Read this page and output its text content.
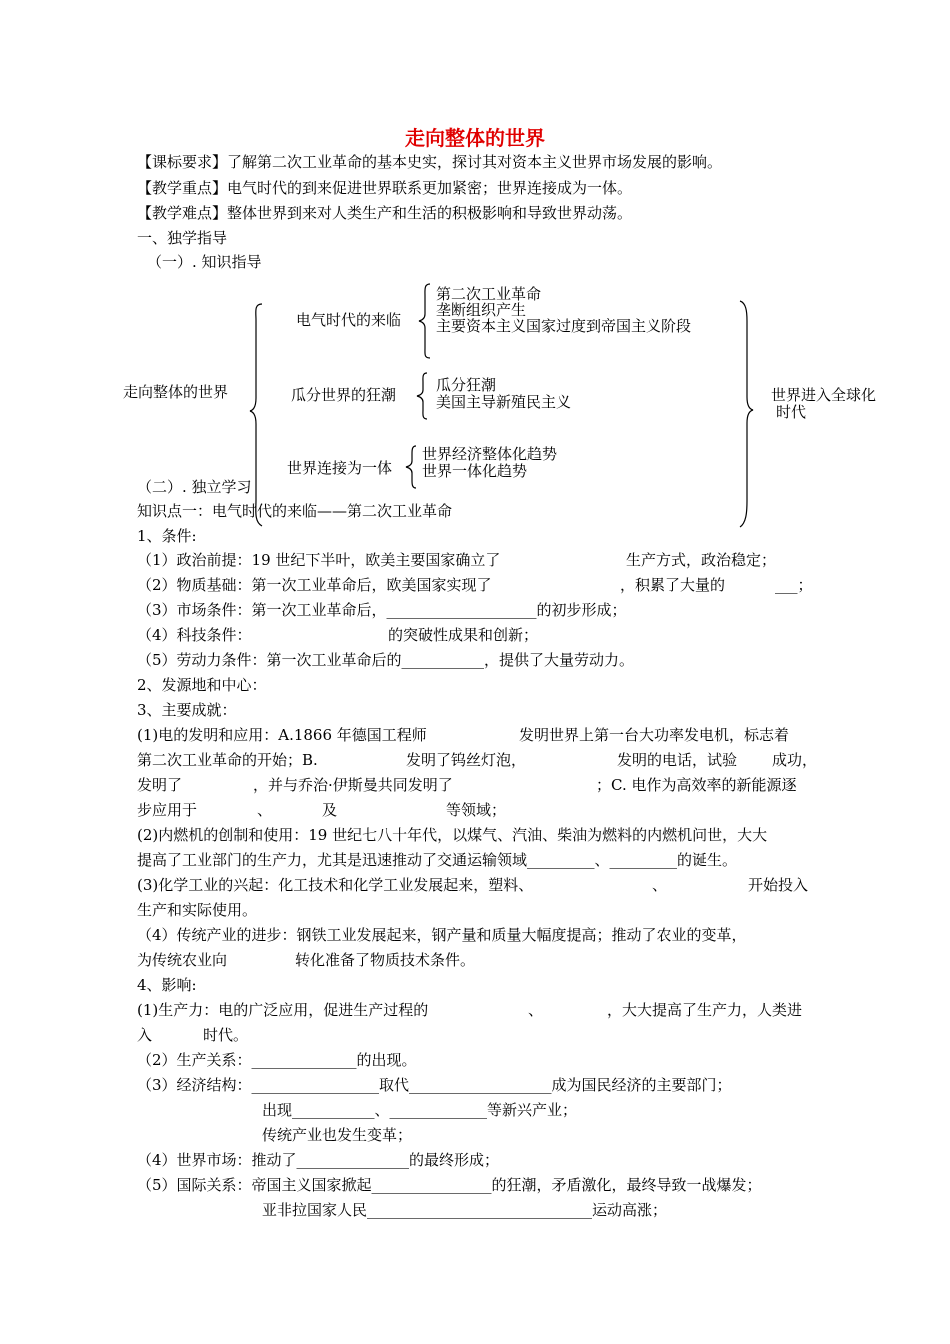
走向整体的世界
【课标要求】了解第二次工业革命的基本史实，探讨其对资本主义世界市场发展的影响。
【教学重点】电气时代的到来促进世界联系更加紧密；世界连接成为一体。
【教学难点】整体世界到来对人类生产和生活的积极影响和导致世界动荡。
一、独学指导
（一）. 知识指导
走向整体的世界
电气时代的来临
第二次工业革命
垄断组织产生
主要资本主义国家过度到帝国主义阶段
瓜分世界的狂潮
瓜分狂潮
美国主导新殖民主义
世界连接为一体
世界经济整体化趋势
世界一体化趋势
世界进入全球化
时代
（二）. 独立学习
知识点一：电气时代的来临——第二次工业革命
1、条件:
（1）政治前提：19 世纪下半叶，欧美主要国家确立了	生产方式，政治稳定；
（2）物质基础：第一次工业革命后，欧美国家实现了	，积累了大量的	___；
（3）市场条件：第一次工业革命后，____________________的初步形成；
（4）科技条件：	的突破性成果和创新；
（5）劳动力条件：第一次工业革命后的___________，提供了大量劳动力。
2、发源地和中心：
3、主要成就：
(1)电的发明和应用：A.1866 年德国工程师	发明世界上第一台大功率发电机，标志着
第二次工业革命的开始；B.	发明了钨丝灯泡，	发明的电话，试验 成功，
发明了	，并与乔治·伊斯曼共同发明了	；C. 电作为高效率的新能源逐
步应用于	、	及	等领域；
(2)内燃机的创制和使用：19 世纪七八十年代，以煤气、汽油、柴油为燃料的内燃机问世，大大
提高了工业部门的生产力，尤其是迅速推动了交通运输领域_________、_________的诞生。
(3)化学工业的兴起：化工技术和化学工业发展起来，塑料、	、	开始投入
生产和实际使用。
（4）传统产业的进步：钢铁工业发展起来，钢产量和质量大幅度提高；推动了农业的变革，
为传统农业向	转化准备了物质技术条件。
4、影响:
(1)生产力：电的广泛应用，促进生产过程的	、	，大大提高了生产力，人类进
入	时代。
（2）生产关系：______________的出现。
（3）经济结构：_________________取代___________________成为国民经济的主要部门；
出现___________、_____________等新兴产业；
传统产业也发生变革；
（4）世界市场：推动了_______________的最终形成；
（5）国际关系：帝国主义国家掀起________________的狂潮，矛盾激化，最终导致一战爆发；
亚非拉国家人民______________________________运动高涨；
